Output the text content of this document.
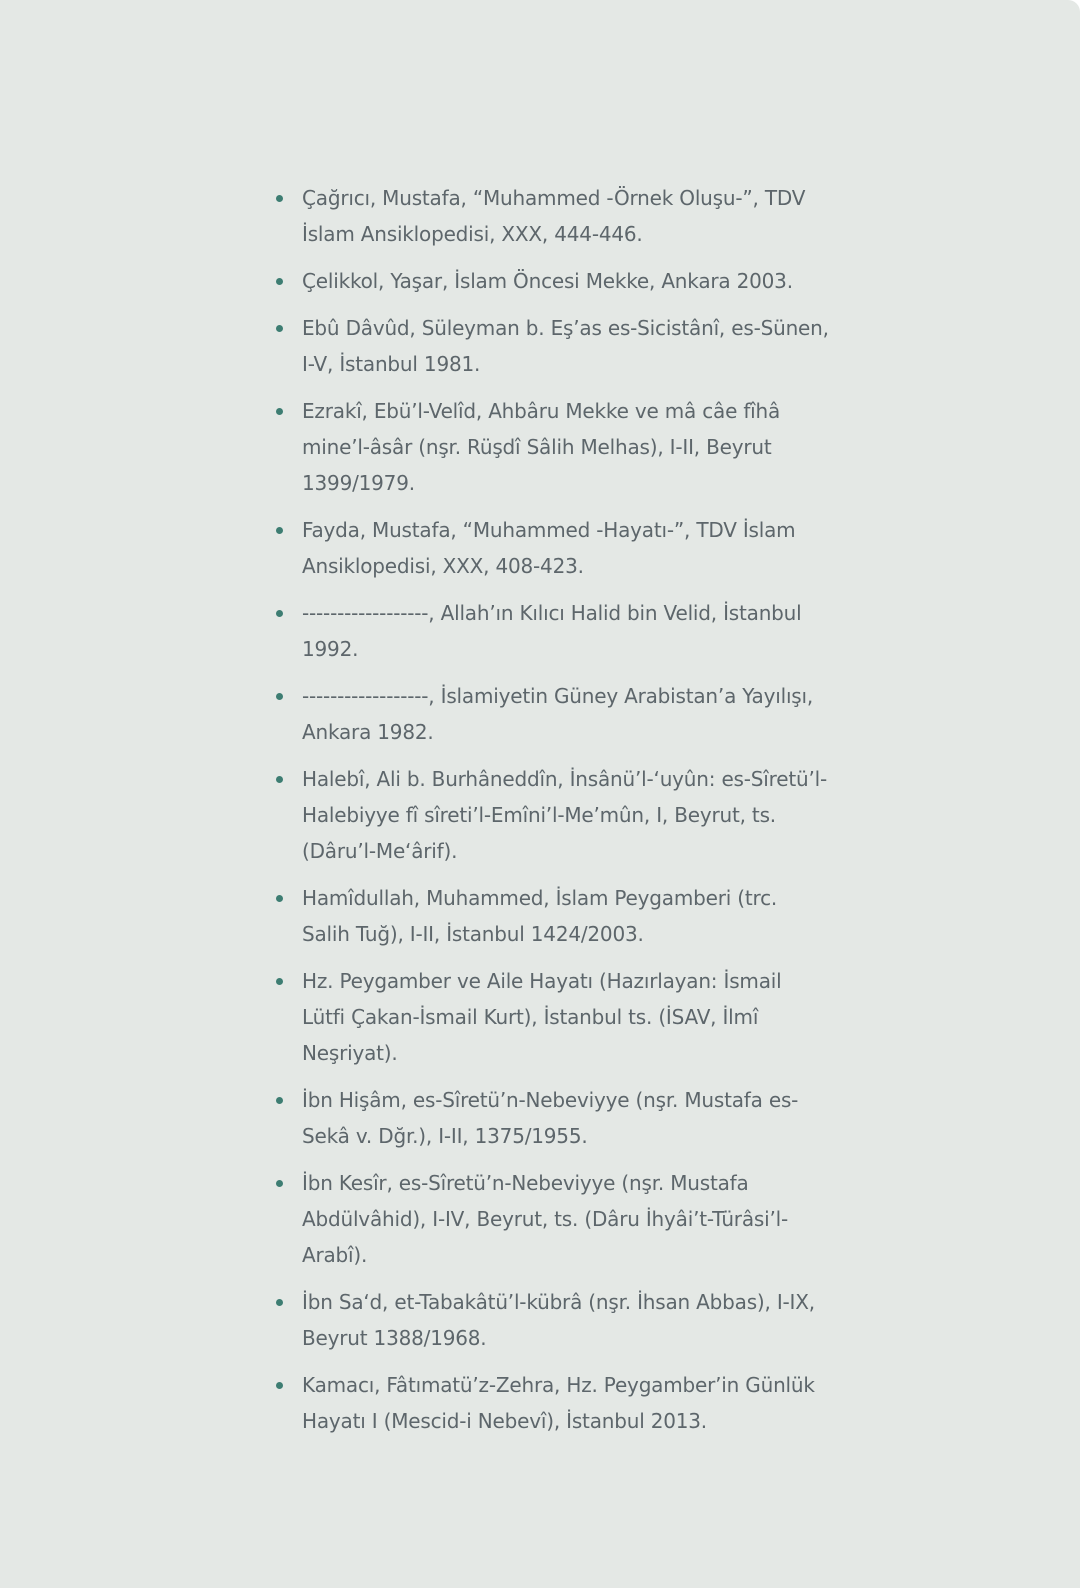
Çağrıcı, Mustafa, “Muhammed -Örnek Oluşu-”, TDV İslam Ansiklopedisi, XXX, 444-446.
Çelikkol, Yaşar, İslam Öncesi Mekke, Ankara 2003.
Ebû Dâvûd, Süleyman b. Eş’as es-Sicistânî, es-Sünen, I-V, İstanbul 1981.
Ezrakî, Ebü’l-Velîd, Ahbâru Mekke ve mâ câe fîhâ mine’l-âsâr (nşr. Rüşdî Sâlih Melhas), I-II, Beyrut 1399/1979.
Fayda, Mustafa, “Muhammed -Hayatı-”, TDV İslam Ansiklopedisi, XXX, 408-423.
------------------, Allah’ın Kılıcı Halid bin Velid, İstanbul 1992.
------------------, İslamiyetin Güney Arabistan’a Yayılışı, Ankara 1982.
Halebî, Ali b. Burhâneddîn, İnsânü’l-‘uyûn: es-Sîretü’l-Halebiyye fî sîreti’l-Emîni’l-Me’mûn, I, Beyrut, ts. (Dâru’l-Me‘ârif).
Hamîdullah, Muhammed, İslam Peygamberi (trc. Salih Tuğ), I-II, İstanbul 1424/2003.
Hz. Peygamber ve Aile Hayatı (Hazırlayan: İsmail Lütfi Çakan-İsmail Kurt), İstanbul ts. (İSAV, İlmî Neşriyat).
İbn Hişâm, es-Sîretü’n-Nebeviyye (nşr. Mustafa es-Sekâ v. Dğr.), I-II, 1375/1955.
İbn Kesîr, es-Sîretü’n-Nebeviyye (nşr. Mustafa Abdülvâhid), I-IV, Beyrut, ts. (Dâru İhyâi’t-Türâsi’l-Arabî).
İbn Sa‘d, et-Tabakâtü’l-kübrâ (nşr. İhsan Abbas), I-IX, Beyrut 1388/1968.
Kamacı, Fâtımatü’z-Zehra, Hz. Peygamber’in Günlük Hayatı I (Mescid-i Nebevî), İstanbul 2013.
